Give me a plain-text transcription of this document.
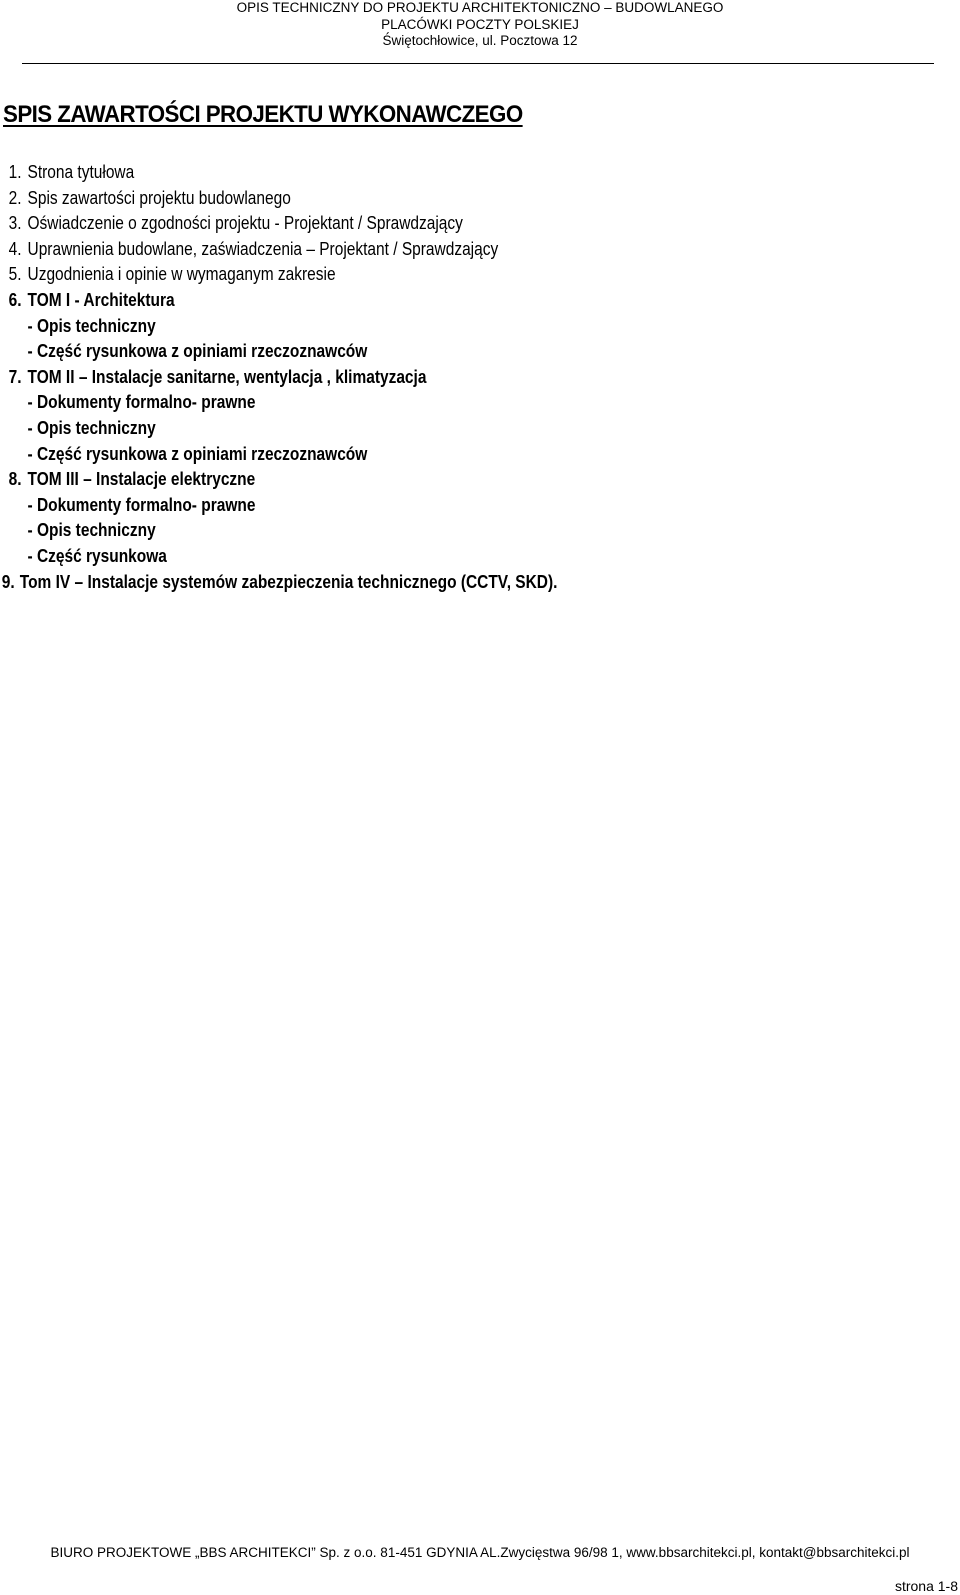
OPIS TECHNICZNY DO PROJEKTU ARCHITEKTONICZNO – BUDOWLANEGO
PLACÓWKI POCZTY POLSKIEJ
Świętochłowice, ul. Pocztowa 12
SPIS ZAWARTOŚCI PROJEKTU WYKONAWCZEGO
1. Strona tytułowa
2. Spis zawartości projektu budowlanego
3. Oświadczenie o zgodności projektu - Projektant / Sprawdzający
4. Uprawnienia budowlane, zaświadczenia – Projektant / Sprawdzający
5. Uzgodnienia i opinie w wymaganym zakresie
6. TOM I - Architektura
- Opis techniczny
- Część rysunkowa z opiniami rzeczoznawców
7. TOM II – Instalacje sanitarne, wentylacja , klimatyzacja
- Dokumenty formalno- prawne
- Opis techniczny
- Część rysunkowa z opiniami rzeczoznawców
8. TOM III – Instalacje elektryczne
- Dokumenty formalno- prawne
- Opis techniczny
- Część rysunkowa
9. Tom IV – Instalacje systemów zabezpieczenia technicznego (CCTV, SKD).
BIURO PROJEKTOWE „BBS ARCHITEKCI” Sp. z o.o. 81-451 GDYNIA AL.Zwycięstwa 96/98 1, www.bbsarchitekci.pl, kontakt@bbsarchitekci.pl
strona 1-8
